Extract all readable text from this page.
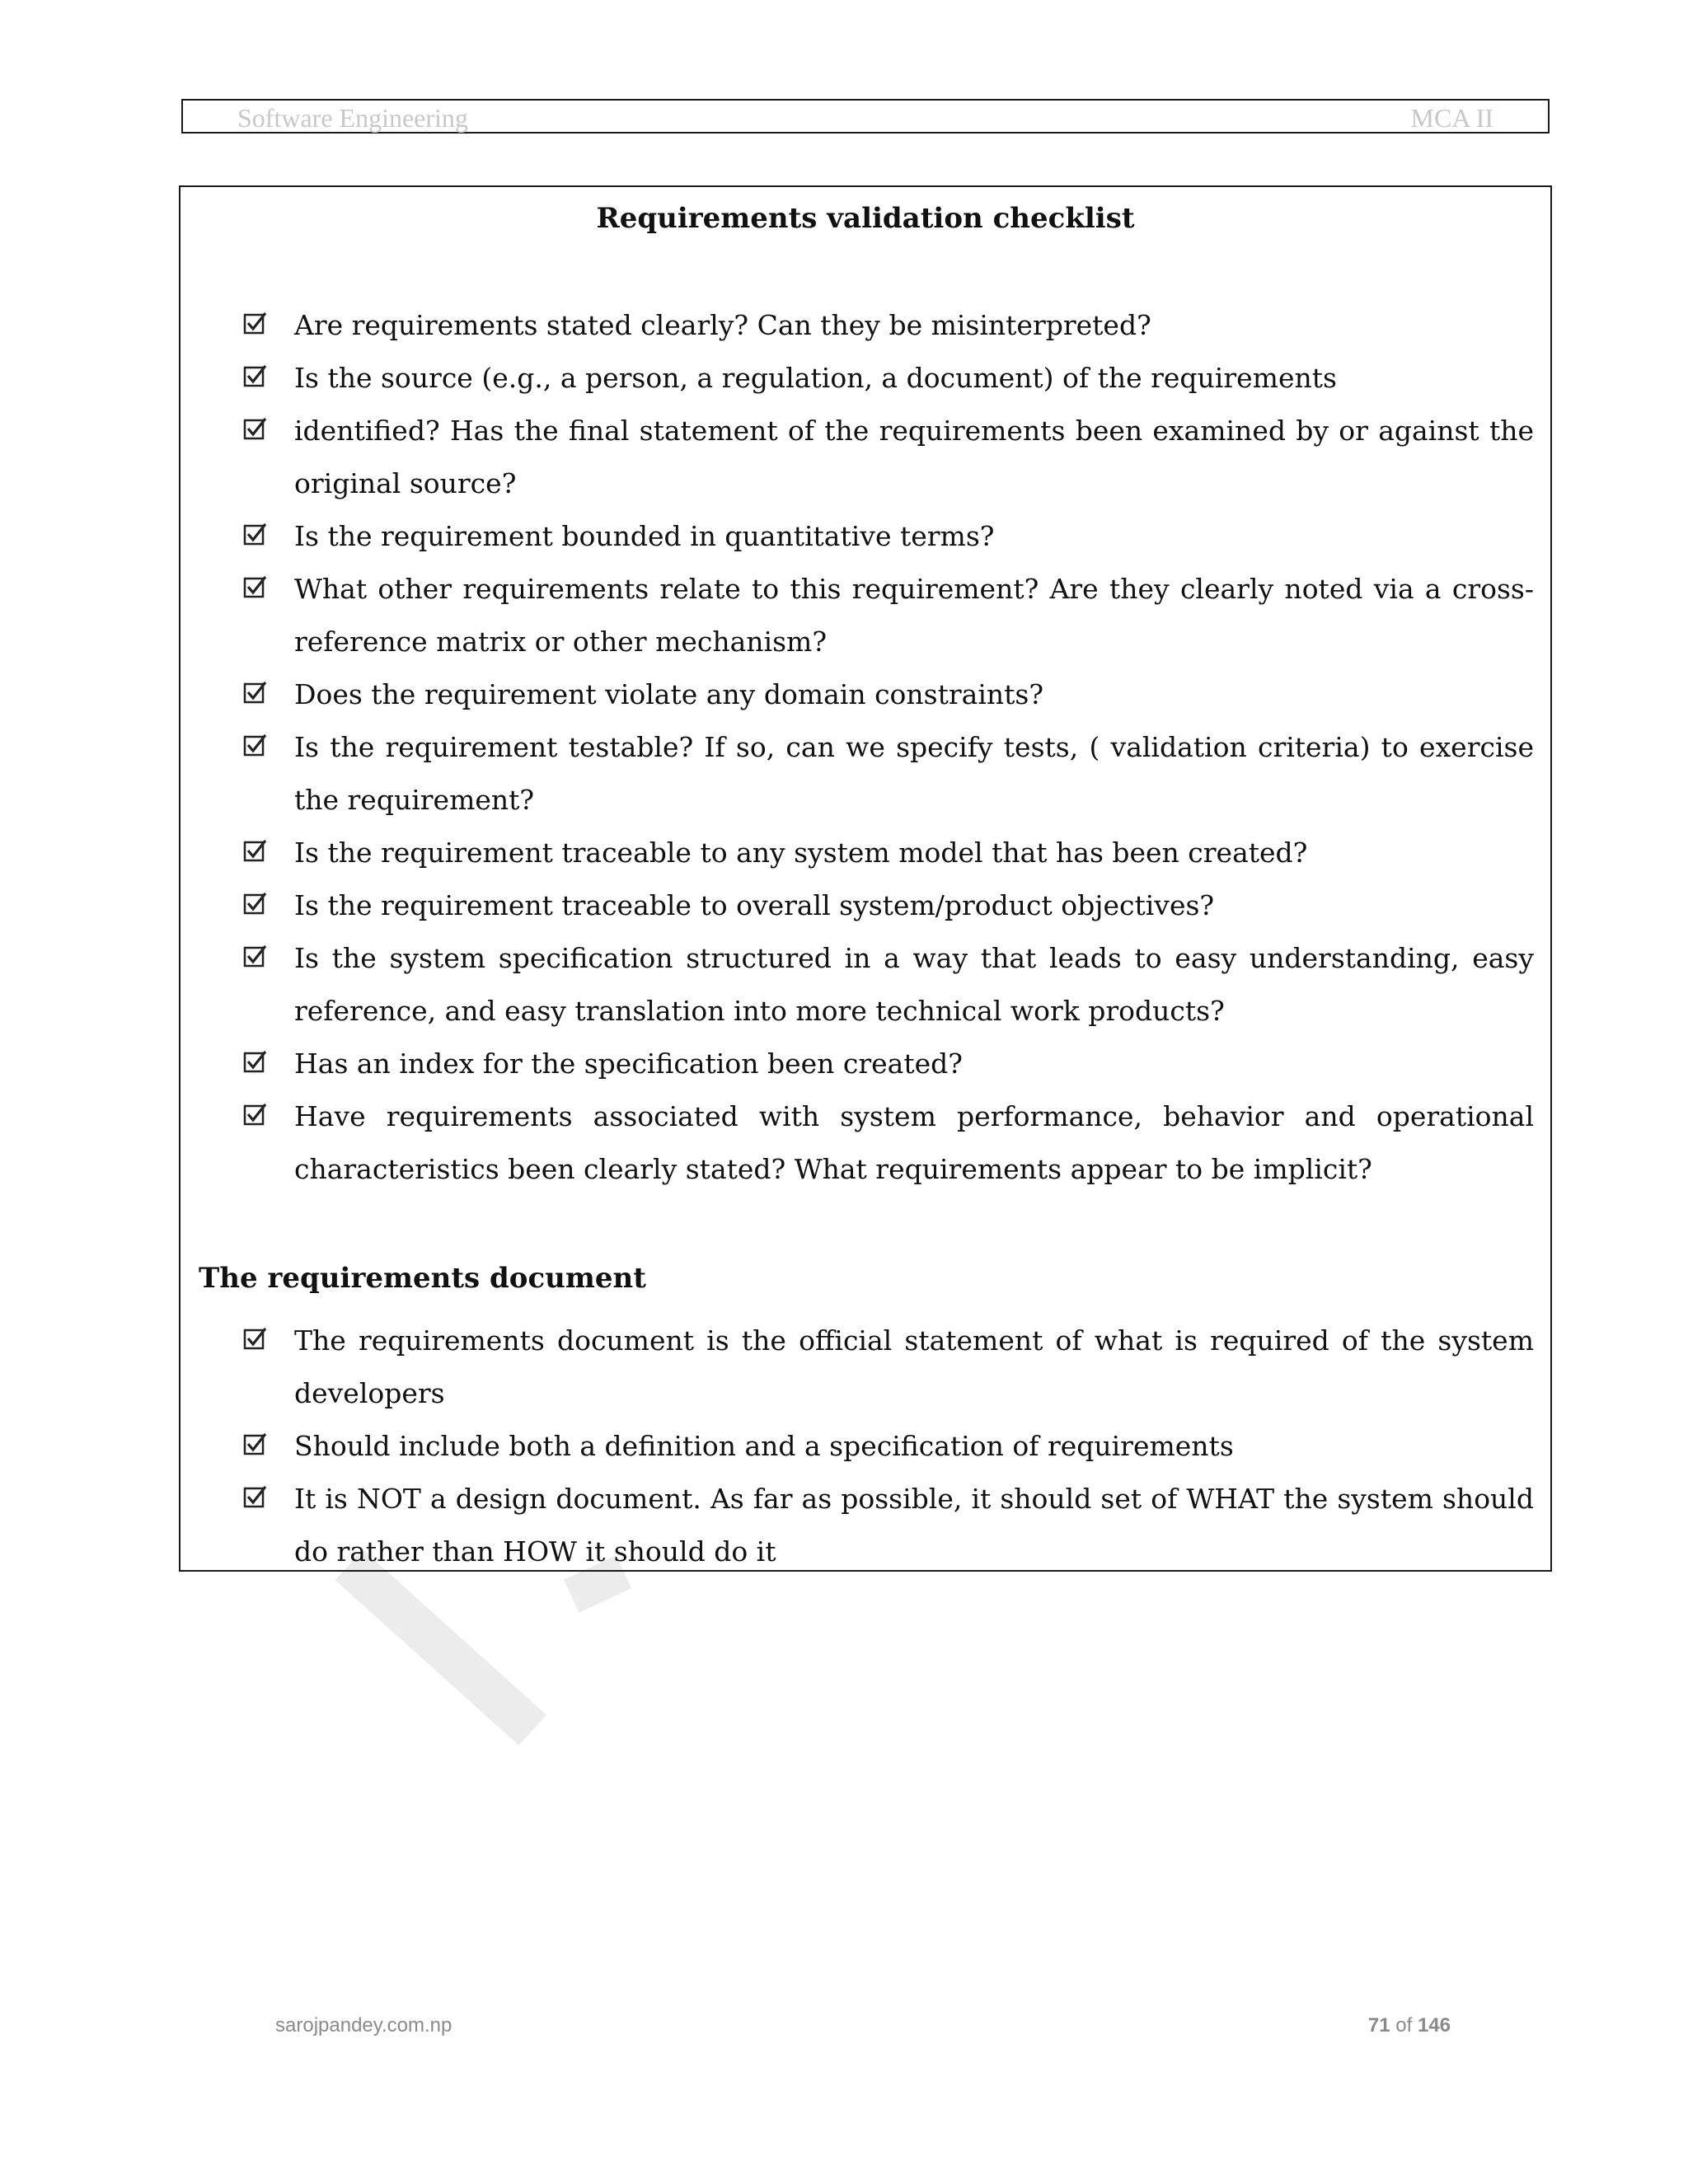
Software Engineering	MCA II
Requirements validation checklist
Are requirements stated clearly? Can they be misinterpreted?
Is the source (e.g., a person, a regulation, a document) of the requirements
identified? Has the final statement of the requirements been examined by or against the original source?
Is the requirement bounded in quantitative terms?
What other requirements relate to this requirement? Are they clearly noted via a cross-reference matrix or other mechanism?
Does the requirement violate any domain constraints?
Is the requirement testable? If so, can we specify tests, ( validation criteria) to exercise the requirement?
Is the requirement traceable to any system model that has been created?
Is the requirement traceable to overall system/product objectives?
Is the system specification structured in a way that leads to easy understanding, easy reference, and easy translation into more technical work products?
Has an index for the specification been created?
Have requirements associated with system performance, behavior and operational characteristics been clearly stated? What requirements appear to be implicit?
The requirements document
The requirements document is the official statement of what is required of the system developers
Should include both a definition and a specification of requirements
It is NOT a design document. As far as possible, it should set of WHAT the system should do rather than HOW it should do it
sarojpandey.com.np	71 of 146
